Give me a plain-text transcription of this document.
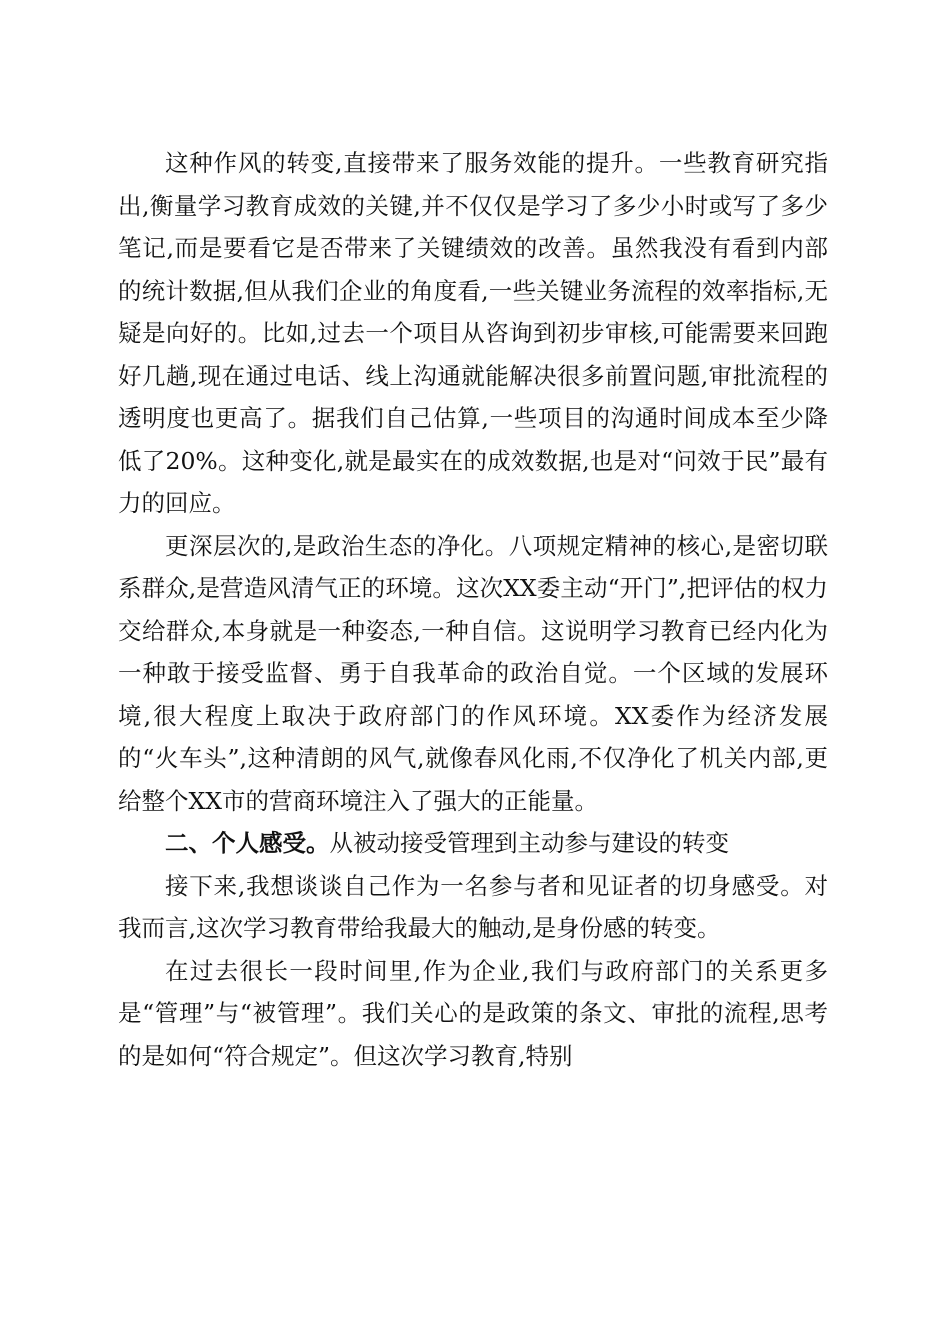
这种作风的转变,直接带来了服务效能的提升。一些教育研究指出,衡量学习教育成效的关键,并不仅仅是学习了多少小时或写了多少笔记,而是要看它是否带来了关键绩效的改善。虽然我没有看到内部的统计数据,但从我们企业的角度看,一些关键业务流程的效率指标,无疑是向好的。比如,过去一个项目从咨询到初步审核,可能需要来回跑好几趟,现在通过电话、线上沟通就能解决很多前置问题,审批流程的透明度也更高了。据我们自己估算,一些项目的沟通时间成本至少降低了20%。这种变化,就是最实在的成效数据,也是对“问效于民”最有力的回应。

更深层次的,是政治生态的净化。八项规定精神的核心,是密切联系群众,是营造风清气正的环境。这次XX委主动“开门”,把评估的权力交给群众,本身就是一种姿态,一种自信。这说明学习教育已经内化为一种敢于接受监督、勇于自我革命的政治自觉。一个区域的发展环境,很大程度上取决于政府部门的作风环境。XX委作为经济发展的“火车头”,这种清朗的风气,就像春风化雨,不仅净化了机关内部,更给整个XX市的营商环境注入了强大的正能量。

二、个人感受。从被动接受管理到主动参与建设的转变

接下来,我想谈谈自己作为一名参与者和见证者的切身感受。对我而言,这次学习教育带给我最大的触动,是身份感的转变。

在过去很长一段时间里,作为企业,我们与政府部门的关系更多是“管理”与“被管理”。我们关心的是政策的条文、审批的流程,思考的是如何“符合规定”。但这次学习教育,特别
